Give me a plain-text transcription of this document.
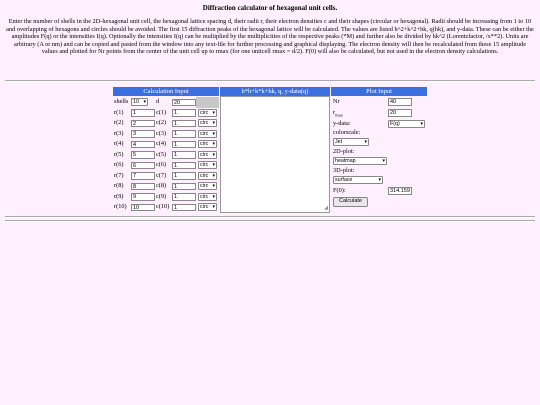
Diffraction calculator of hexagonal unit cells.
Enter the number of shells in the 2D-hexagonal unit cell, the hexagonal lattice spacing d, their radii r, their electron densities c and their shapes (circular or hexagonal). Radii should be increasing from 1 to 10 and overlapping of hexagons and circles should be avoided. The first 15 diffraction peaks of the hexagonal lattice will be calculated. The values are listed h^2+k^2+hk, q(hk), and y-data. These can be either the amplitudes F(q) or the intensities I(q). Optionally the intensities I(q) can be multiplied by the multiplicities of the respective peaks (*M) and further also be divided by hk^2 (Lorentzfactor, /x**2). Units are arbitrary (A or nm) and can be copied and pasted from the window into any text-file for further processing and graphical displaying. The electron density will then be recalculated from these 15 amplitude values and plotted for Nr points from the center of the unit cell up to rmax (for one unitcell rmax = d/2). F(0) will also be calculated, but not used in the electron density calculations.
Calculation Input	h*h+k*k+hk, q, y-data(q)	Plot Input
shells 10 ▾ d	20
r(1)	1	c(1)	1	circ ▾
r(2)	2	c(2)	1	circ ▾
r(3)	3	c(3)	1	circ ▾
r(4)	4	c(4)	1	circ ▾
r(5)	5	c(5)	1	circ ▾
r(6)	6	c(6)	1	circ ▾
r(7)	7	c(7)	1	circ ▾
r(8)	8	c(8)	1	circ ▾
r(9)	9	c(9)	1	circ ▾
r(10)	10	c(10) 1	circ ▾	◢
Nr	40
$r_{max}$	20
y-data:	F(q)	▾
colorscale:
Jet	▾
2D-plot:
heatmap	▾
3D-plot:
surface	▾
F(0):	314.159
Calculate
